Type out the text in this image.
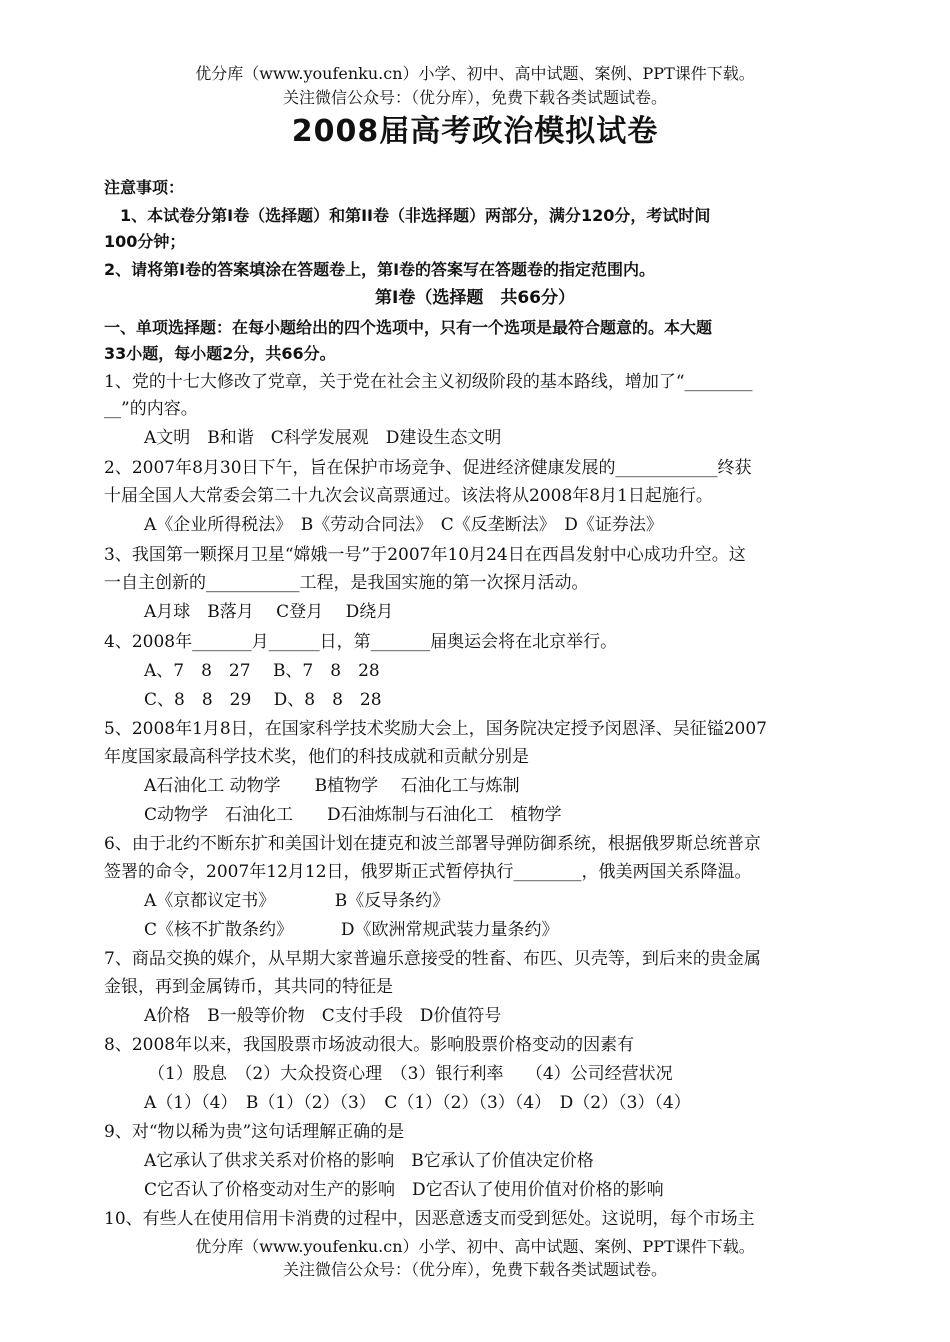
优分库（www.youfenku.cn）小学、初中、高中试题、案例、PPT课件下载。
关注微信公众号：（优分库），免费下载各类试题试卷。
2008届高考政治模拟试卷
注意事项：
1、本试卷分第Ⅰ卷（选择题）和第II卷（非选择题）两部分，满分120分，考试时间
100分钟；
2、请将第Ⅰ卷的答案填涂在答题卷上，第Ⅰ卷的答案写在答题卷的指定范围内。
第Ⅰ卷（选择题　共66分）
一、单项选择题：在每小题给出的四个选项中，只有一个选项是最符合题意的。本大题
33小题，每小题2分，共66分。
1、党的十七大修改了党章，关于党在社会主义初级阶段的基本路线，增加了“________
__”的内容。
A文明　B和谐　C科学发展观　D建设生态文明
2、2007年8月30日下午，旨在保护市场竞争、促进经济健康发展的____________终获
十届全国人大常委会第二十九次会议高票通过。该法将从2008年8月1日起施行。
A《企业所得税法》　B《劳动合同法》　C《反垄断法》　D《证券法》
3、我国第一颗探月卫星“嫦娥一号”于2007年10月24日在西昌发射中心成功升空。这
一自主创新的___________工程，是我国实施的第一次探月活动。
A月球　B落月　 C登月　 D绕月
4、2008年_______月______日，第_______届奥运会将在北京举行。
A、7　8　27　 B、7　8　28
C、8　8　29　 D、8　8　28
5、2008年1月8日，在国家科学技术奖励大会上，国务院决定授予闵恩泽、吴征镒2007
年度国家最高科学技术奖，他们的科技成就和贡献分别是
A石油化工 动物学　　B植物学　 石油化工与炼制
C动物学　石油化工　　D石油炼制与石油化工　植物学
6、由于北约不断东扩和美国计划在捷克和波兰部署导弹防御系统，根据俄罗斯总统普京
签署的命令，2007年12月12日，俄罗斯正式暂停执行________，俄美两国关系降温。
A《京都议定书》　　　　B《反导条约》
C《核不扩散条约》　　　 D《欧洲常规武装力量条约》
7、商品交换的媒介，从早期大家普遍乐意接受的牲畜、布匹、贝壳等，到后来的贵金属
金银，再到金属铸币，其共同的特征是
A价格　B一般等价物　C支付手段　D价值符号
8、2008年以来，我国股票市场波动很大。影响股票价格变动的因素有
（1）股息　（2）大众投资心理　（3）银行利率　 （4）公司经营状况
A（1）（4）　B（1）（2）（3）　C（1）（2）（3）（4）　D（2）（3）（4）
9、对“物以稀为贵”这句话理解正确的是
A它承认了供求关系对价格的影响　B它承认了价值决定价格
C它否认了价格变动对生产的影响　D它否认了使用价值对价格的影响
10、有些人在使用信用卡消费的过程中，因恶意透支而受到惩处。这说明，每个市场主
优分库（www.youfenku.cn）小学、初中、高中试题、案例、PPT课件下载。
关注微信公众号：（优分库），免费下载各类试题试卷。
